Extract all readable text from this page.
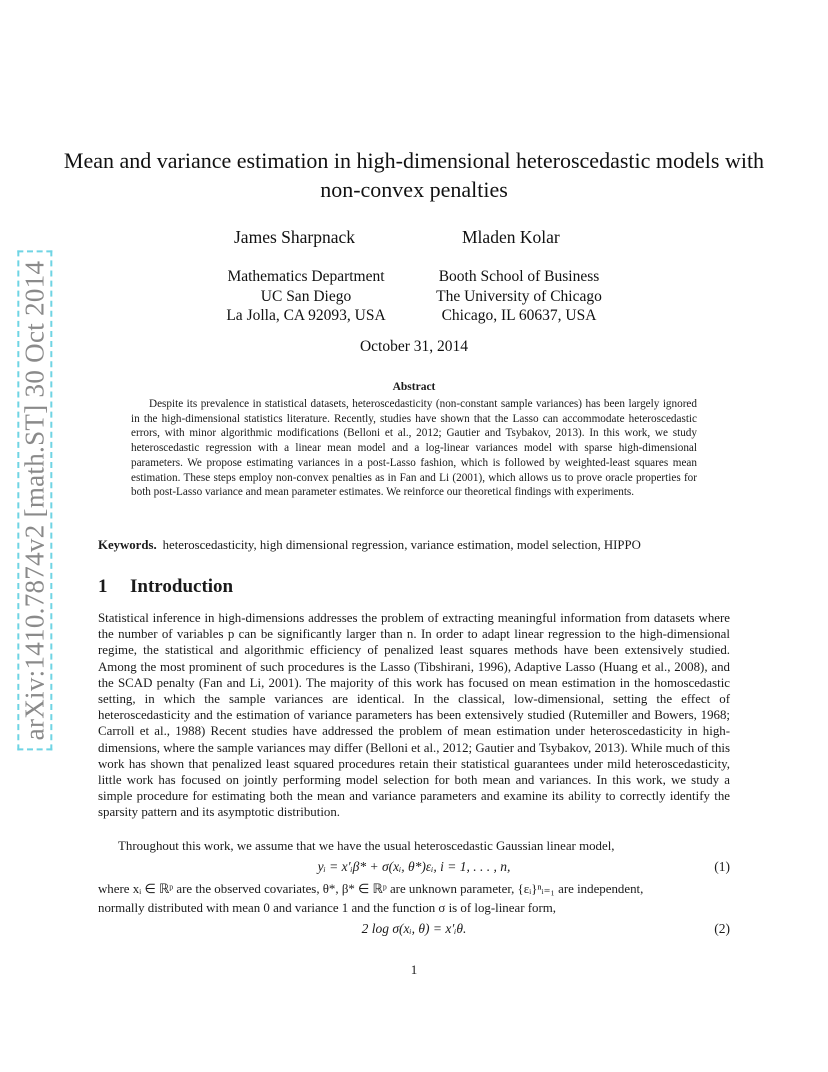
arXiv:1410.7874v2 [math.ST] 30 Oct 2014
Mean and variance estimation in high-dimensional heteroscedastic models with non-convex penalties
James Sharpnack	Mladen Kolar
Mathematics Department
UC San Diego
La Jolla, CA 92093, USA
Booth School of Business
The University of Chicago
Chicago, IL 60637, USA
October 31, 2014
Abstract
Despite its prevalence in statistical datasets, heteroscedasticity (non-constant sample variances) has been largely ignored in the high-dimensional statistics literature. Recently, studies have shown that the Lasso can accommodate heteroscedastic errors, with minor algorithmic modifications (Belloni et al., 2012; Gautier and Tsybakov, 2013). In this work, we study heteroscedastic regression with a linear mean model and a log-linear variances model with sparse high-dimensional parameters. We propose estimating variances in a post-Lasso fashion, which is followed by weighted-least squares mean estimation. These steps employ non-convex penalties as in Fan and Li (2001), which allows us to prove oracle properties for both post-Lasso variance and mean parameter estimates. We reinforce our theoretical findings with experiments.
Keywords. heteroscedasticity, high dimensional regression, variance estimation, model selection, HIPPO
1 Introduction
Statistical inference in high-dimensions addresses the problem of extracting meaningful information from datasets where the number of variables p can be significantly larger than n. In order to adapt linear regression to the high-dimensional regime, the statistical and algorithmic efficiency of penalized least squares methods have been extensively studied. Among the most prominent of such procedures is the Lasso (Tibshirani, 1996), Adaptive Lasso (Huang et al., 2008), and the SCAD penalty (Fan and Li, 2001). The majority of this work has focused on mean estimation in the homoscedastic setting, in which the sample variances are identical. In the classical, low-dimensional, setting the effect of heteroscedasticity and the estimation of variance parameters has been extensively studied (Rutemiller and Bowers, 1968; Carroll et al., 1988) Recent studies have addressed the problem of mean estimation under heteroscedasticity in high-dimensions, where the sample variances may differ (Belloni et al., 2012; Gautier and Tsybakov, 2013). While much of this work has shown that penalized least squared procedures retain their statistical guarantees under mild heteroscedasticity, little work has focused on jointly performing model selection for both mean and variances. In this work, we study a simple procedure for estimating both the mean and variance parameters and examine its ability to correctly identify the sparsity pattern and its asymptotic distribution.
Throughout this work, we assume that we have the usual heteroscedastic Gaussian linear model,
yᵢ = x′ᵢβ* + σ(xᵢ, θ*)εᵢ, i = 1, . . . , n,	(1)
where xᵢ ∈ ℝᵖ are the observed covariates, θ*, β* ∈ ℝᵖ are unknown parameter, {εᵢ}ⁿᵢ₌₁ are independent,
normally distributed with mean 0 and variance 1 and the function σ is of log-linear form,
2 log σ(xᵢ, θ) = x′ᵢθ.	(2)
1
